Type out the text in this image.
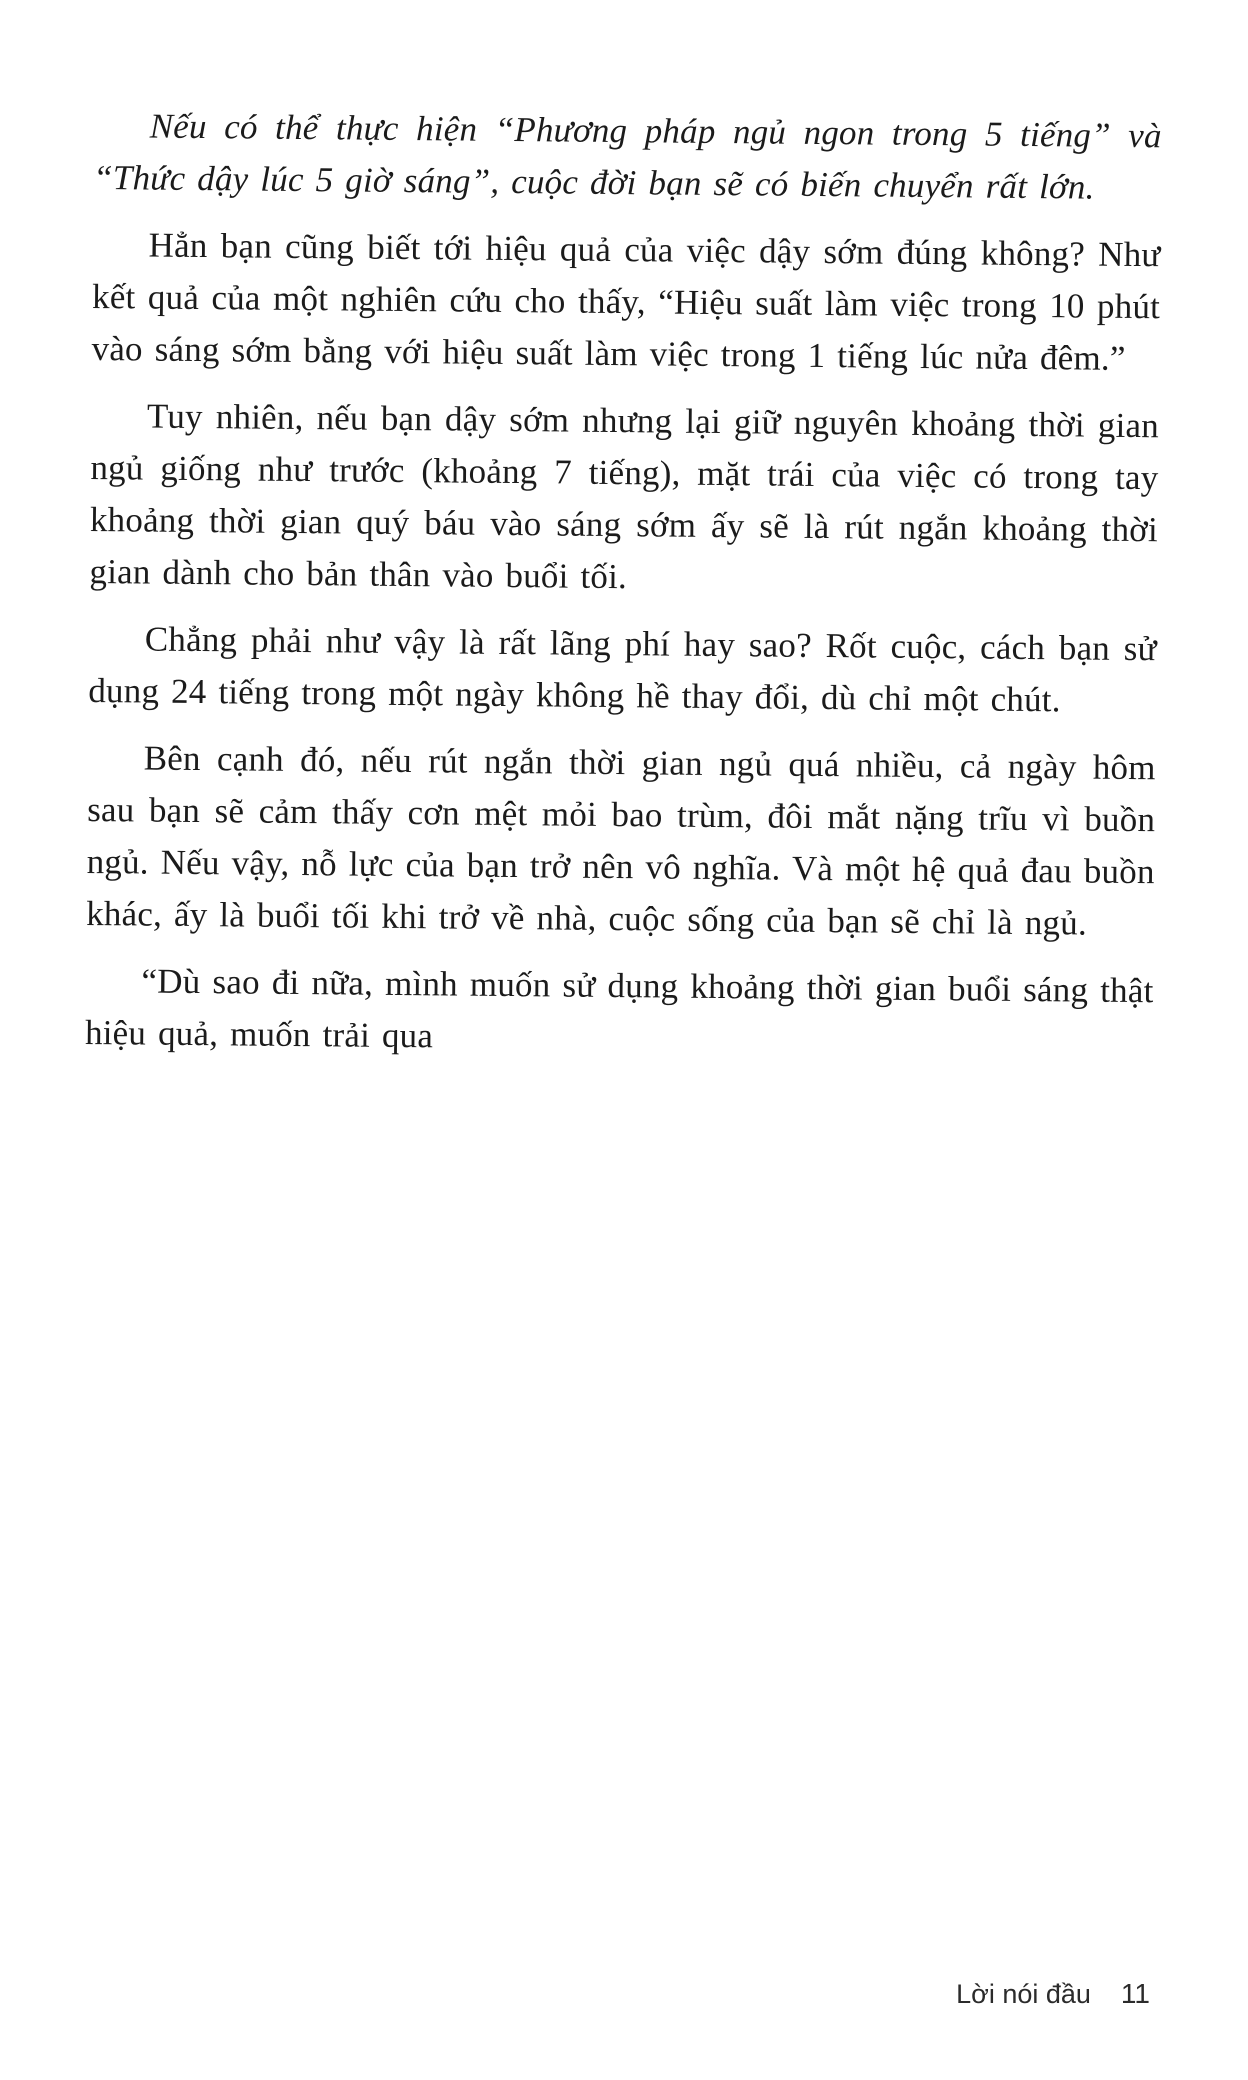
Nếu có thể thực hiện “Phương pháp ngủ ngon trong 5 tiếng” và “Thức dậy lúc 5 giờ sáng”, cuộc đời bạn sẽ có biến chuyển rất lớn.

Hẳn bạn cũng biết tới hiệu quả của việc dậy sớm đúng không? Như kết quả của một nghiên cứu cho thấy, “Hiệu suất làm việc trong 10 phút vào sáng sớm bằng với hiệu suất làm việc trong 1 tiếng lúc nửa đêm.”

Tuy nhiên, nếu bạn dậy sớm nhưng lại giữ nguyên khoảng thời gian ngủ giống như trước (khoảng 7 tiếng), mặt trái của việc có trong tay khoảng thời gian quý báu vào sáng sớm ấy sẽ là rút ngắn khoảng thời gian dành cho bản thân vào buổi tối.

Chẳng phải như vậy là rất lãng phí hay sao? Rốt cuộc, cách bạn sử dụng 24 tiếng trong một ngày không hề thay đổi, dù chỉ một chút.

Bên cạnh đó, nếu rút ngắn thời gian ngủ quá nhiều, cả ngày hôm sau bạn sẽ cảm thấy cơn mệt mỏi bao trùm, đôi mắt nặng trĩu vì buồn ngủ. Nếu vậy, nỗ lực của bạn trở nên vô nghĩa. Và một hệ quả đau buồn khác, ấy là buổi tối khi trở về nhà, cuộc sống của bạn sẽ chỉ là ngủ.

“Dù sao đi nữa, mình muốn sử dụng khoảng thời gian buổi sáng thật hiệu quả, muốn trải qua

Lời nói đầu 11
